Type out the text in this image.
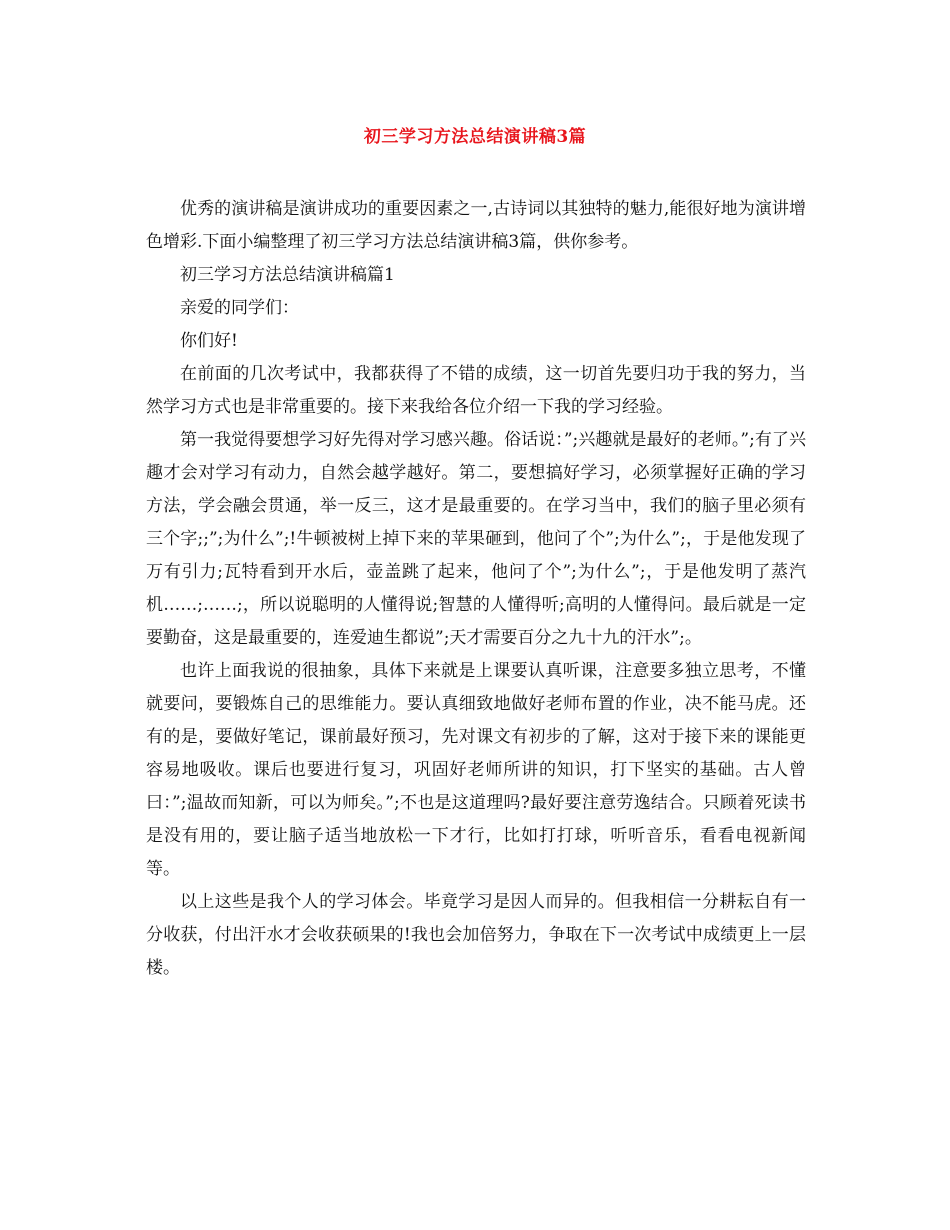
初三学习方法总结演讲稿3篇

优秀的演讲稿是演讲成功的重要因素之一,古诗词以其独特的魅力,能很好地为演讲增色增彩.下面小编整理了初三学习方法总结演讲稿3篇，供你参考。

初三学习方法总结演讲稿篇1

亲爱的同学们：

你们好!

在前面的几次考试中，我都获得了不错的成绩，这一切首先要归功于我的努力，当然学习方式也是非常重要的。接下来我给各位介绍一下我的学习经验。

第一我觉得要想学习好先得对学习感兴趣。俗话说：”;兴趣就是最好的老师。”;有了兴趣才会对学习有动力，自然会越学越好。第二，要想搞好学习，必须掌握好正确的学习方法，学会融会贯通，举一反三，这才是最重要的。在学习当中，我们的脑子里必须有三个字;;”;为什么”;!牛顿被树上掉下来的苹果砸到，他问了个”;为什么”;，于是他发现了万有引力;瓦特看到开水后，壶盖跳了起来，他问了个”;为什么”;，于是他发明了蒸汽机……;……;，所以说聪明的人懂得说;智慧的人懂得听;高明的人懂得问。最后就是一定要勤奋，这是最重要的，连爱迪生都说”;天才需要百分之九十九的汗水”;。

也许上面我说的很抽象，具体下来就是上课要认真听课，注意要多独立思考，不懂就要问，要锻炼自己的思维能力。要认真细致地做好老师布置的作业，决不能马虎。还有的是，要做好笔记，课前最好预习，先对课文有初步的了解，这对于接下来的课能更容易地吸收。课后也要进行复习，巩固好老师所讲的知识，打下坚实的基础。古人曾曰：”;温故而知新，可以为师矣。”;不也是这道理吗?最好要注意劳逸结合。只顾着死读书是没有用的，要让脑子适当地放松一下才行，比如打打球，听听音乐，看看电视新闻等。

以上这些是我个人的学习体会。毕竟学习是因人而异的。但我相信一分耕耘自有一分收获，付出汗水才会收获硕果的!我也会加倍努力，争取在下一次考试中成绩更上一层楼。
